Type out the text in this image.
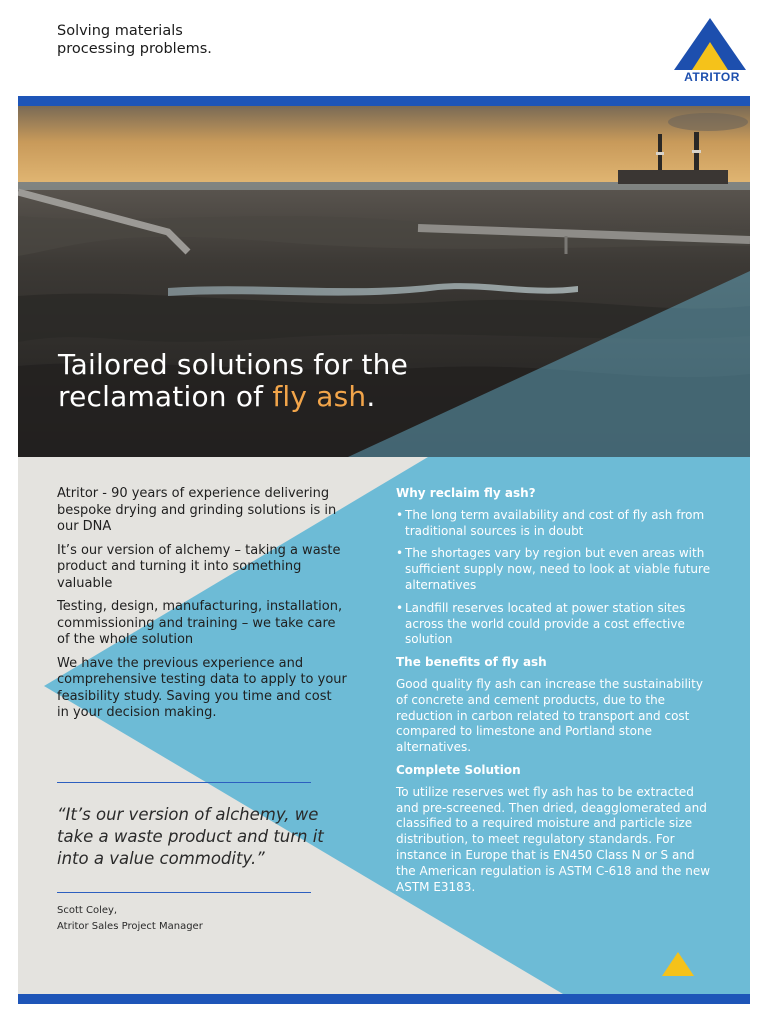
Solving materials
processing problems.
ATRITOR
Tailored solutions for the
reclamation of fly ash.

Atritor - 90 years of experience delivering bespoke drying and grinding solutions is in our DNA

It’s our version of alchemy – taking a waste product and turning it into something valuable

Testing, design, manufacturing, installation, commissioning and training – we take care of the whole solution

We have the previous experience and comprehensive testing data to apply to your feasibility study. Saving you time and cost in your decision making.

“It’s our version of alchemy, we take a waste product and turn it into a value commodity.”
Scott Coley,
Atritor Sales Project Manager
Why reclaim fly ash?
• The long term availability and cost of fly ash from traditional sources is in doubt
• The shortages vary by region but even areas with sufficient supply now, need to look at viable future alternatives
• Landfill reserves located at power station sites across the world could provide a cost effective solution
The benefits of fly ash

Good quality fly ash can increase the sustainability of concrete and cement products, due to the reduction in carbon related to transport and cost compared to limestone and Portland stone alternatives.

Complete Solution

To utilize reserves wet fly ash has to be extracted and pre-screened. Then dried, deagglomerated and classified to a required moisture and particle size distribution, to meet regulatory standards. For instance in Europe that is EN450 Class N or S and the American regulation is ASTM C-618 and the new ASTM E3183.
